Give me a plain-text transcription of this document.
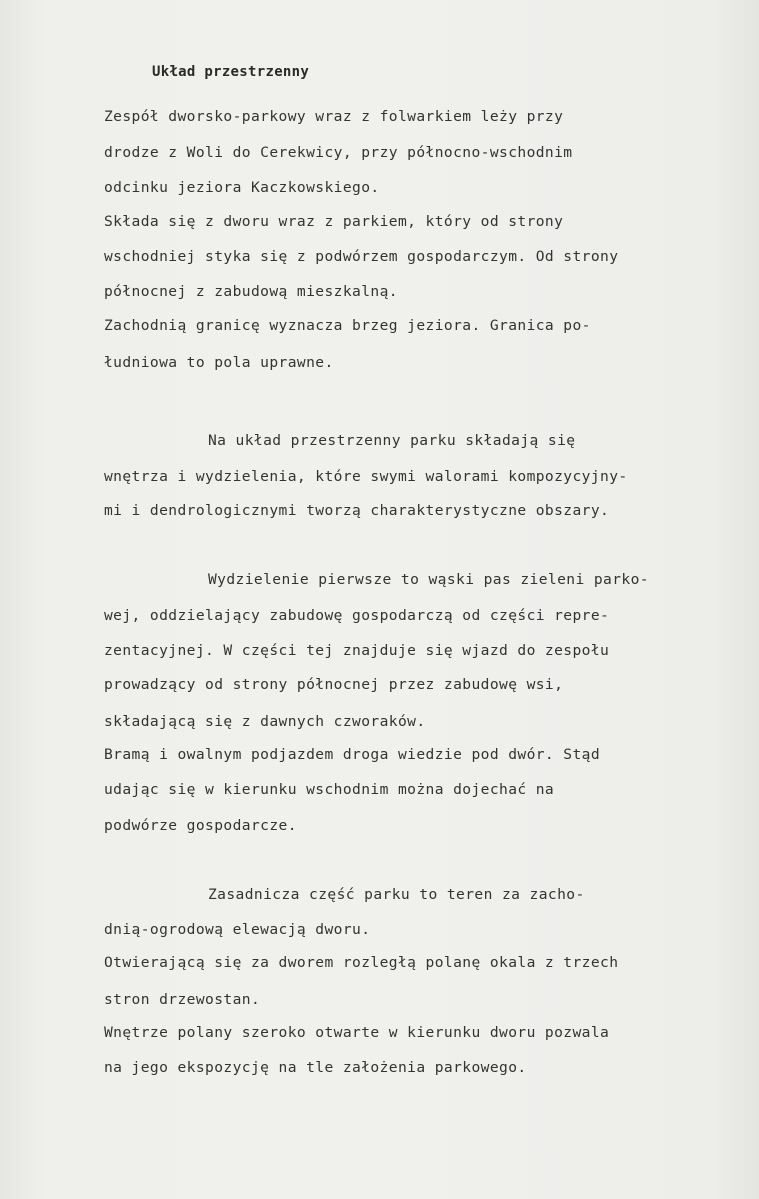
Układ przestrzenny
Zespół dworsko-parkowy wraz z folwarkiem leży przy
drodze z Woli do Cerekwicy, przy północno-wschodnim
odcinku jeziora Kaczkowskiego.
Składa się z dworu wraz z parkiem, który od strony
wschodniej styka się z podwórzem gospodarczym. Od strony
północnej z zabudową mieszkalną.
Zachodnią granicę wyznacza brzeg jeziora. Granica po-
łudniowa to pola uprawne.
Na układ przestrzenny parku składają się
wnętrza i wydzielenia, które swymi walorami kompozycyjny-
mi i dendrologicznymi tworzą charakterystyczne obszary.
Wydzielenie pierwsze to wąski pas zieleni parko-
wej, oddzielający zabudowę gospodarczą od części repre-
zentacyjnej. W części tej znajduje się wjazd do zespołu
prowadzący od strony północnej przez zabudowę wsi,
składającą się z dawnych czworaków.
Bramą i owalnym podjazdem droga wiedzie pod dwór. Stąd
udając się w kierunku wschodnim można dojechać na
podwórze gospodarcze.
Zasadnicza część parku to teren za zacho-
dnią-ogrodową elewacją dworu.
Otwierającą się za dworem rozległą polanę okala z trzech
stron drzewostan.
Wnętrze polany szeroko otwarte w kierunku dworu pozwala
na jego ekspozycję na tle założenia parkowego.
